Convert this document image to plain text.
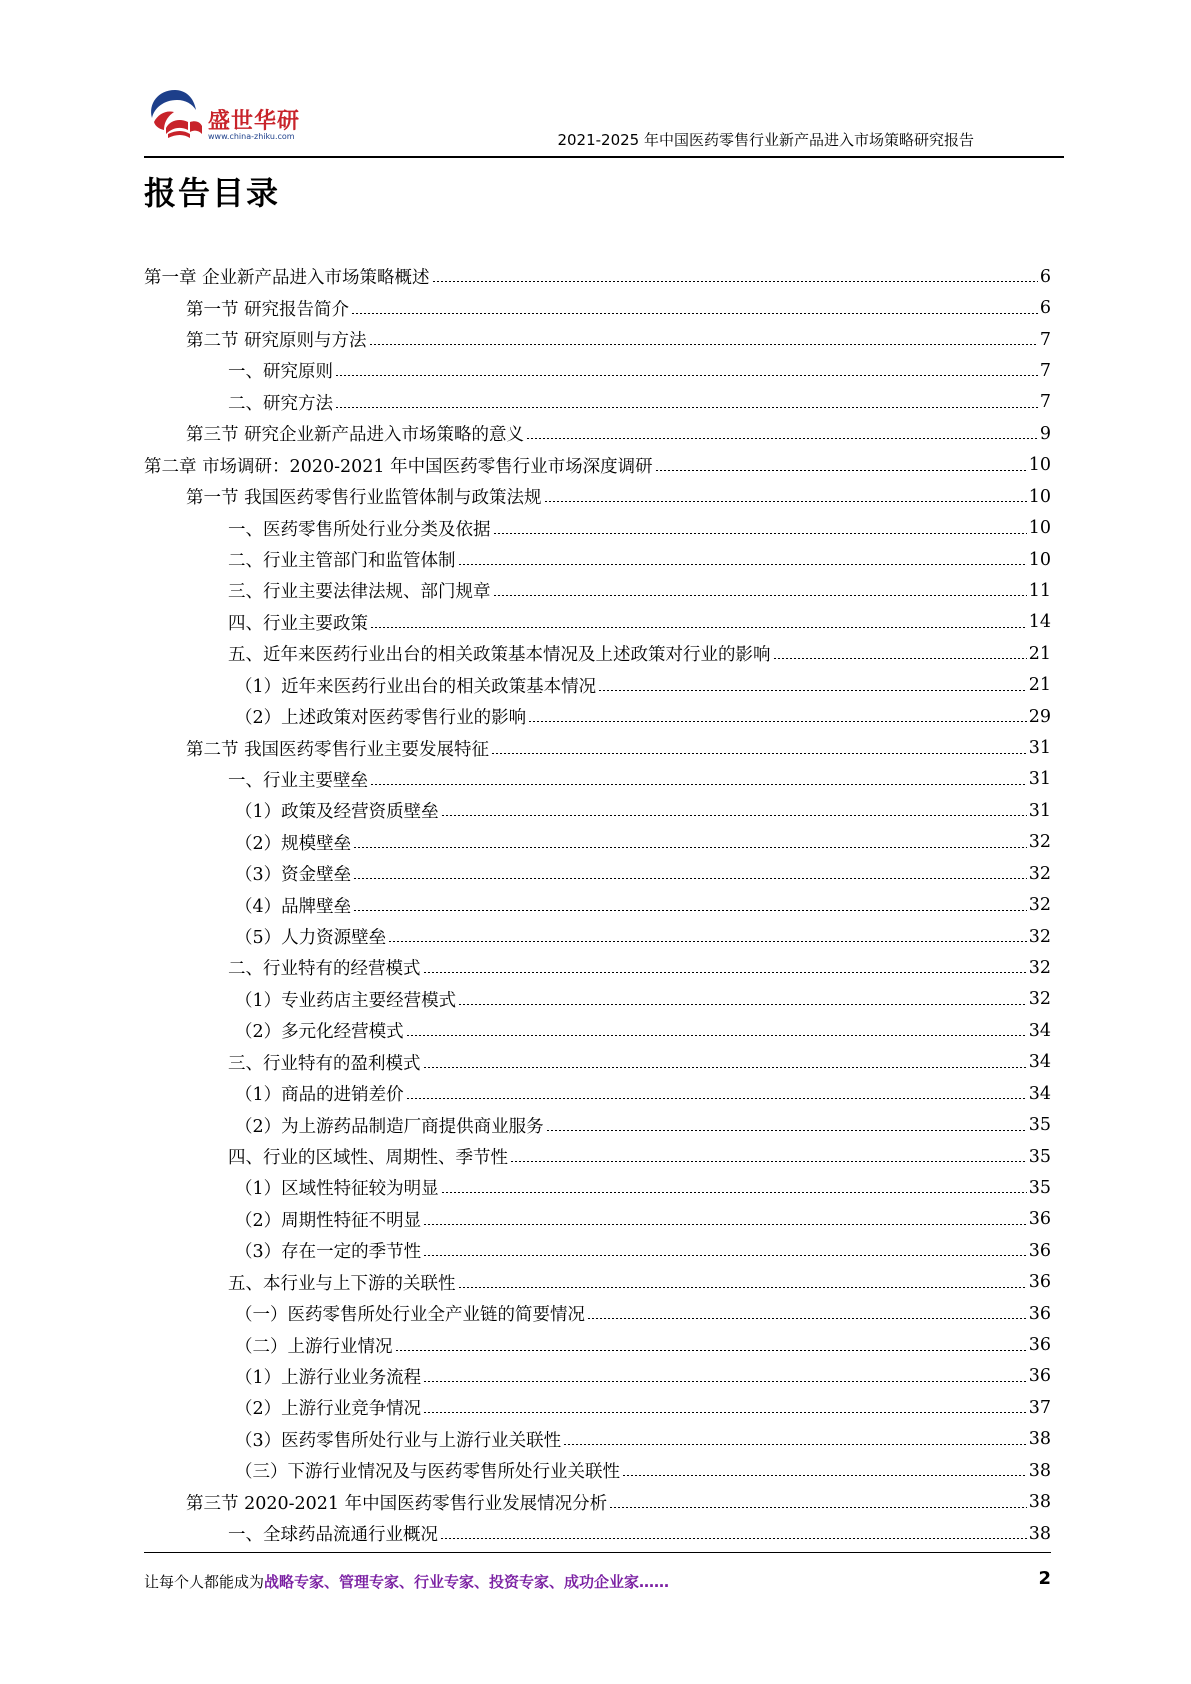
盛世华研
www.china-zhiku.com	2021-2025 年中国医药零售行业新产品进入市场策略研究报告
报告目录
第一章 企业新产品进入市场策略概述	6
第一节 研究报告简介	6
第二节 研究原则与方法	7
一、研究原则	7
二、研究方法	7
第三节 研究企业新产品进入市场策略的意义	9
第二章 市场调研：2020-2021 年中国医药零售行业市场深度调研	10
第一节 我国医药零售行业监管体制与政策法规	10
一、医药零售所处行业分类及依据	10
二、行业主管部门和监管体制	10
三、行业主要法律法规、部门规章	11
四、行业主要政策	14
五、近年来医药行业出台的相关政策基本情况及上述政策对行业的影响	21
（1）近年来医药行业出台的相关政策基本情况	21
（2）上述政策对医药零售行业的影响	29
第二节 我国医药零售行业主要发展特征	31
一、行业主要壁垒	31
（1）政策及经营资质壁垒	31
（2）规模壁垒	32
（3）资金壁垒	32
（4）品牌壁垒	32
（5）人力资源壁垒	32
二、行业特有的经营模式	32
（1）专业药店主要经营模式	32
（2）多元化经营模式	34
三、行业特有的盈利模式	34
（1）商品的进销差价	34
（2）为上游药品制造厂商提供商业服务	35
四、行业的区域性、周期性、季节性	35
（1）区域性特征较为明显	35
（2）周期性特征不明显	36
（3）存在一定的季节性	36
五、本行业与上下游的关联性	36
（一）医药零售所处行业全产业链的简要情况	36
（二）上游行业情况	36
（1）上游行业业务流程	36
（2）上游行业竞争情况	37
（3）医药零售所处行业与上游行业关联性	38
（三）下游行业情况及与医药零售所处行业关联性	38
第三节 2020-2021 年中国医药零售行业发展情况分析	38
一、全球药品流通行业概况	38
让每个人都能成为战略专家、管理专家、行业专家、投资专家、成功企业家……	2
